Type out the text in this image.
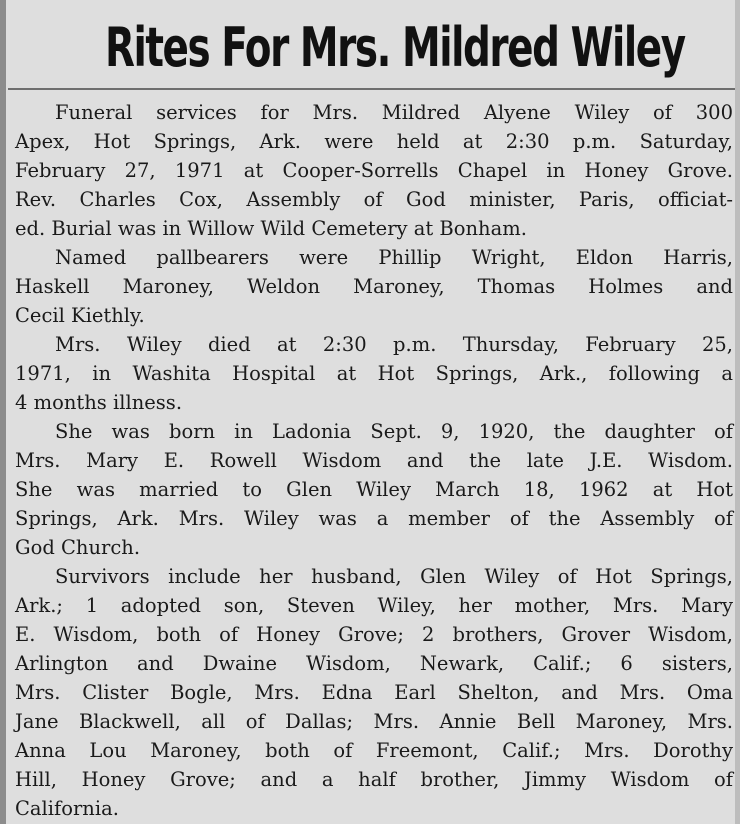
Rites For Mrs. Mildred Wiley
Funeral services for Mrs. Mildred Alyene Wiley of 300
Apex, Hot Springs, Ark. were held at 2:30 p.m. Saturday,
February 27, 1971 at Cooper-Sorrells Chapel in Honey Grove.
Rev. Charles Cox, Assembly of God minister, Paris, officiat-
ed. Burial was in Willow Wild Cemetery at Bonham.
Named pallbearers were Phillip Wright, Eldon Harris,
Haskell Maroney, Weldon Maroney, Thomas Holmes and
Cecil Kiethly.
Mrs. Wiley died at 2:30 p.m. Thursday, February 25,
1971, in Washita Hospital at Hot Springs, Ark., following a
4 months illness.
She was born in Ladonia Sept. 9, 1920, the daughter of
Mrs. Mary E. Rowell Wisdom and the late J.E. Wisdom.
She was married to Glen Wiley March 18, 1962 at Hot
Springs, Ark. Mrs. Wiley was a member of the Assembly of
God Church.
Survivors include her husband, Glen Wiley of Hot Springs,
Ark.; 1 adopted son, Steven Wiley, her mother, Mrs. Mary
E. Wisdom, both of Honey Grove; 2 brothers, Grover Wisdom,
Arlington and Dwaine Wisdom, Newark, Calif.; 6 sisters,
Mrs. Clister Bogle, Mrs. Edna Earl Shelton, and Mrs. Oma
Jane Blackwell, all of Dallas; Mrs. Annie Bell Maroney, Mrs.
Anna Lou Maroney, both of Freemont, Calif.; Mrs. Dorothy
Hill, Honey Grove; and a half brother, Jimmy Wisdom of
California.
